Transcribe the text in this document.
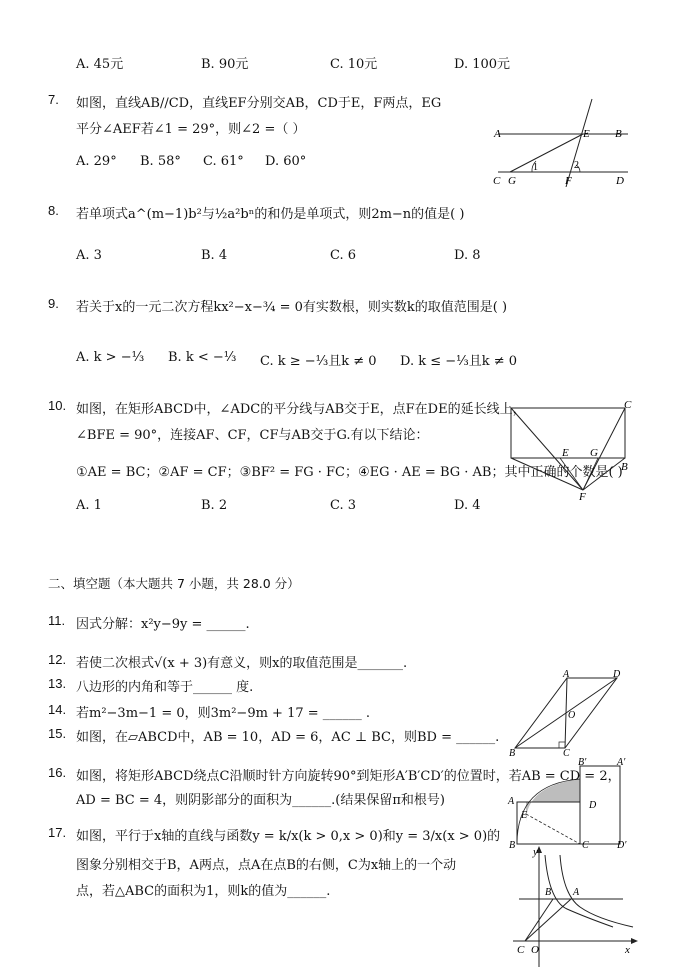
A. 45元	B. 90元	C. 10元	D. 100元
7. 如图，直线AB//CD，直线EF分别交AB，CD于E，F两点，EG
平分∠AEF若∠1 = 29°，则∠2 =（ ）
A. 29° B. 58° C. 61° D. 60°
A	E B
C G	F	D
1	2
8. 若单项式a^(m−1)b²与½a²bⁿ的和仍是单项式，则2m−n的值是( )
A. 3	B. 4	C. 6	D. 8
9. 若关于x的一元二次方程kx²−x−¾ = 0有实数根，则实数k的取值范围是( )
A. k > −⅓ B. k < −⅓ C. k ≥ −⅓且k ≠ 0 D. k ≤ −⅓且k ≠ 0
C
E G
B
F
10. 如图，在矩形ABCD中，∠ADC的平分线与AB交于E，点F在DE的延长线上，
∠BFE = 90°，连接AF、CF，CF与AB交于G.有以下结论：
①AE = BC；②AF = CF；③BF² = FG · FC；④EG · AE = BG · AB；其中正确的个数是( )
A. 1	B. 2	C. 3	D. 4
二、填空题（本大题共 7 小题，共 28.0 分）
11. 因式分解：x²y−9y = ______.
12. 若使二次根式√(x + 3)有意义，则x的取值范围是_______.
13. 八边形的内角和等于______ 度.
14. 若m²−3m−1 = 0，则3m²−9m + 17 = ______ .
15. 如图，在▱ABCD中，AB = 10，AD = 6，AC ⊥ BC，则BD = ______.
A	D
O
B	C
B′	A′
A	D
E
B	C	D′
16. 如图，将矩形ABCD绕点C沿顺时针方向旋转90°到矩形A′B′CD′的位置时，若AB = CD = 2，
AD = BC = 4，则阴影部分的面积为______.(结果保留π和根号)
17. 如图，平行于x轴的直线与函数y = k/x(k > 0,x > 0)和y = 3/x(x > 0)的
图象分别相交于B，A两点，点A在点B的右侧，C为x轴上的一个动
点，若△ABC的面积为1，则k的值为______.
y
B A
C O	x
